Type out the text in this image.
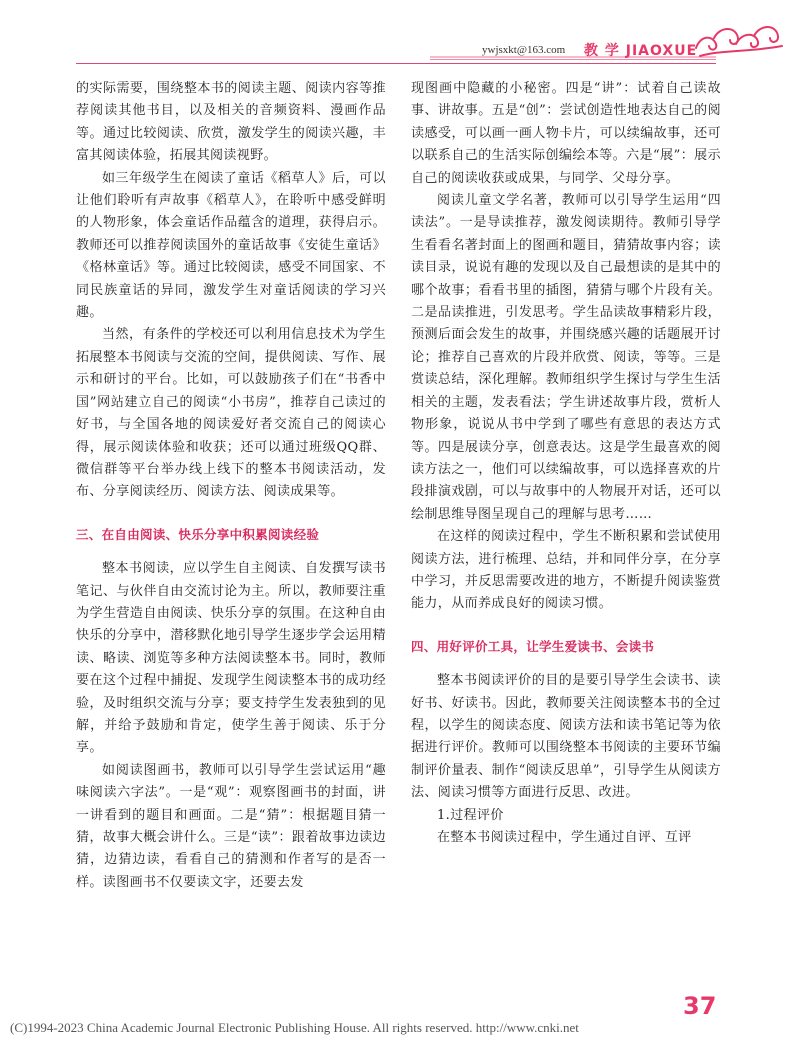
ywjsxkt@163.com 教 学 JIAOXUE

的实际需要，围绕整本书的阅读主题、阅读内容等推荐阅读其他书目，以及相关的音频资料、漫画作品等。通过比较阅读、欣赏，激发学生的阅读兴趣，丰富其阅读体验，拓展其阅读视野。

如三年级学生在阅读了童话《稻草人》后，可以让他们聆听有声故事《稻草人》，在聆听中感受鲜明的人物形象，体会童话作品蕴含的道理，获得启示。教师还可以推荐阅读国外的童话故事《安徒生童话》《格林童话》等。通过比较阅读，感受不同国家、不同民族童话的异同，激发学生对童话阅读的学习兴趣。

当然，有条件的学校还可以利用信息技术为学生拓展整本书阅读与交流的空间，提供阅读、写作、展示和研讨的平台。比如，可以鼓励孩子们在“书香中国”网站建立自己的阅读“小书房”，推荐自己读过的好书，与全国各地的阅读爱好者交流自己的阅读心得，展示阅读体验和收获；还可以通过班级QQ群、微信群等平台举办线上线下的整本书阅读活动，发布、分享阅读经历、阅读方法、阅读成果等。

三、在自由阅读、快乐分享中积累阅读经验

整本书阅读，应以学生自主阅读、自发撰写读书笔记、与伙伴自由交流讨论为主。所以，教师要注重为学生营造自由阅读、快乐分享的氛围。在这种自由快乐的分享中，潜移默化地引导学生逐步学会运用精读、略读、浏览等多种方法阅读整本书。同时，教师要在这个过程中捕捉、发现学生阅读整本书的成功经验，及时组织交流与分享；要支持学生发表独到的见解，并给予鼓励和肯定，使学生善于阅读、乐于分享。

如阅读图画书，教师可以引导学生尝试运用“趣味阅读六字法”。一是“观”：观察图画书的封面，讲一讲看到的题目和画面。二是“猜”：根据题目猜一猜，故事大概会讲什么。三是“读”：跟着故事边读边猜，边猜边读，看看自己的猜测和作者写的是否一样。读图画书不仅要读文字，还要去发

现图画中隐藏的小秘密。四是“讲”：试着自己读故事、讲故事。五是“创”：尝试创造性地表达自己的阅读感受，可以画一画人物卡片，可以续编故事，还可以联系自己的生活实际创编绘本等。六是“展”：展示自己的阅读收获或成果，与同学、父母分享。

阅读儿童文学名著，教师可以引导学生运用“四读法”。一是导读推荐，激发阅读期待。教师引导学生看看名著封面上的图画和题目，猜猜故事内容；读读目录，说说有趣的发现以及自己最想读的是其中的哪个故事；看看书里的插图，猜猜与哪个片段有关。二是品读推进，引发思考。学生品读故事精彩片段，预测后面会发生的故事，并围绕感兴趣的话题展开讨论；推荐自己喜欢的片段并欣赏、阅读，等等。三是赏读总结，深化理解。教师组织学生探讨与学生生活相关的主题，发表看法；学生讲述故事片段，赏析人物形象，说说从书中学到了哪些有意思的表达方式等。四是展读分享，创意表达。这是学生最喜欢的阅读方法之一，他们可以续编故事，可以选择喜欢的片段排演戏剧，可以与故事中的人物展开对话，还可以绘制思维导图呈现自己的理解与思考……

在这样的阅读过程中，学生不断积累和尝试使用阅读方法，进行梳理、总结，并和同伴分享，在分享中学习，并反思需要改进的地方，不断提升阅读鉴赏能力，从而养成良好的阅读习惯。

四、用好评价工具，让学生爱读书、会读书

整本书阅读评价的目的是要引导学生会读书、读好书、好读书。因此，教师要关注阅读整本书的全过程，以学生的阅读态度、阅读方法和读书笔记等为依据进行评价。教师可以围绕整本书阅读的主要环节编制评价量表、制作“阅读反思单”，引导学生从阅读方法、阅读习惯等方面进行反思、改进。

1.过程评价

在整本书阅读过程中，学生通过自评、互评

37
(C)1994-2023 China Academic Journal Electronic Publishing House. All rights reserved. http://www.cnki.net
